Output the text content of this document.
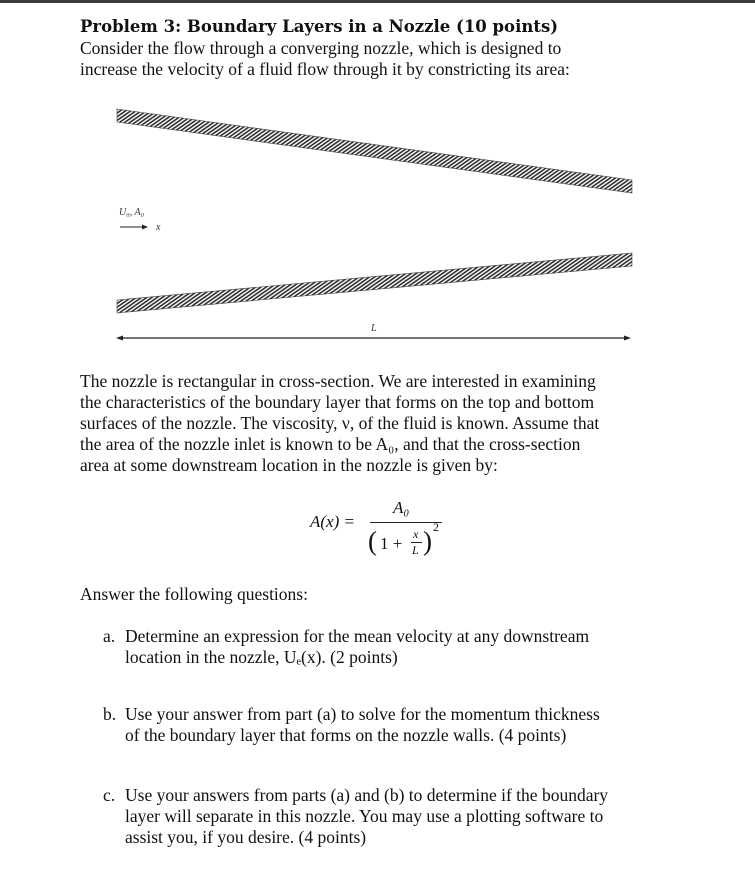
Problem 3: Boundary Layers in a Nozzle (10 points)
Consider the flow through a converging nozzle, which is designed to
increase the velocity of a fluid flow through it by constricting its area:
U₀, A₀
x
L
The nozzle is rectangular in cross-section. We are interested in examining
the characteristics of the boundary layer that forms on the top and bottom
surfaces of the nozzle. The viscosity, ν, of the fluid is known. Assume that
the area of the nozzle inlet is known to be A₀, and that the cross-section
area at some downstream location in the nozzle is given by:
A(x) =
A₀
( 1 + x
L ) 2
Answer the following questions:
a. Determine an expression for the mean velocity at any downstream
location in the nozzle, Uₑ(x). (2 points)
b. Use your answer from part (a) to solve for the momentum thickness
of the boundary layer that forms on the nozzle walls. (4 points)
c. Use your answers from parts (a) and (b) to determine if the boundary
layer will separate in this nozzle. You may use a plotting software to
assist you, if you desire. (4 points)
